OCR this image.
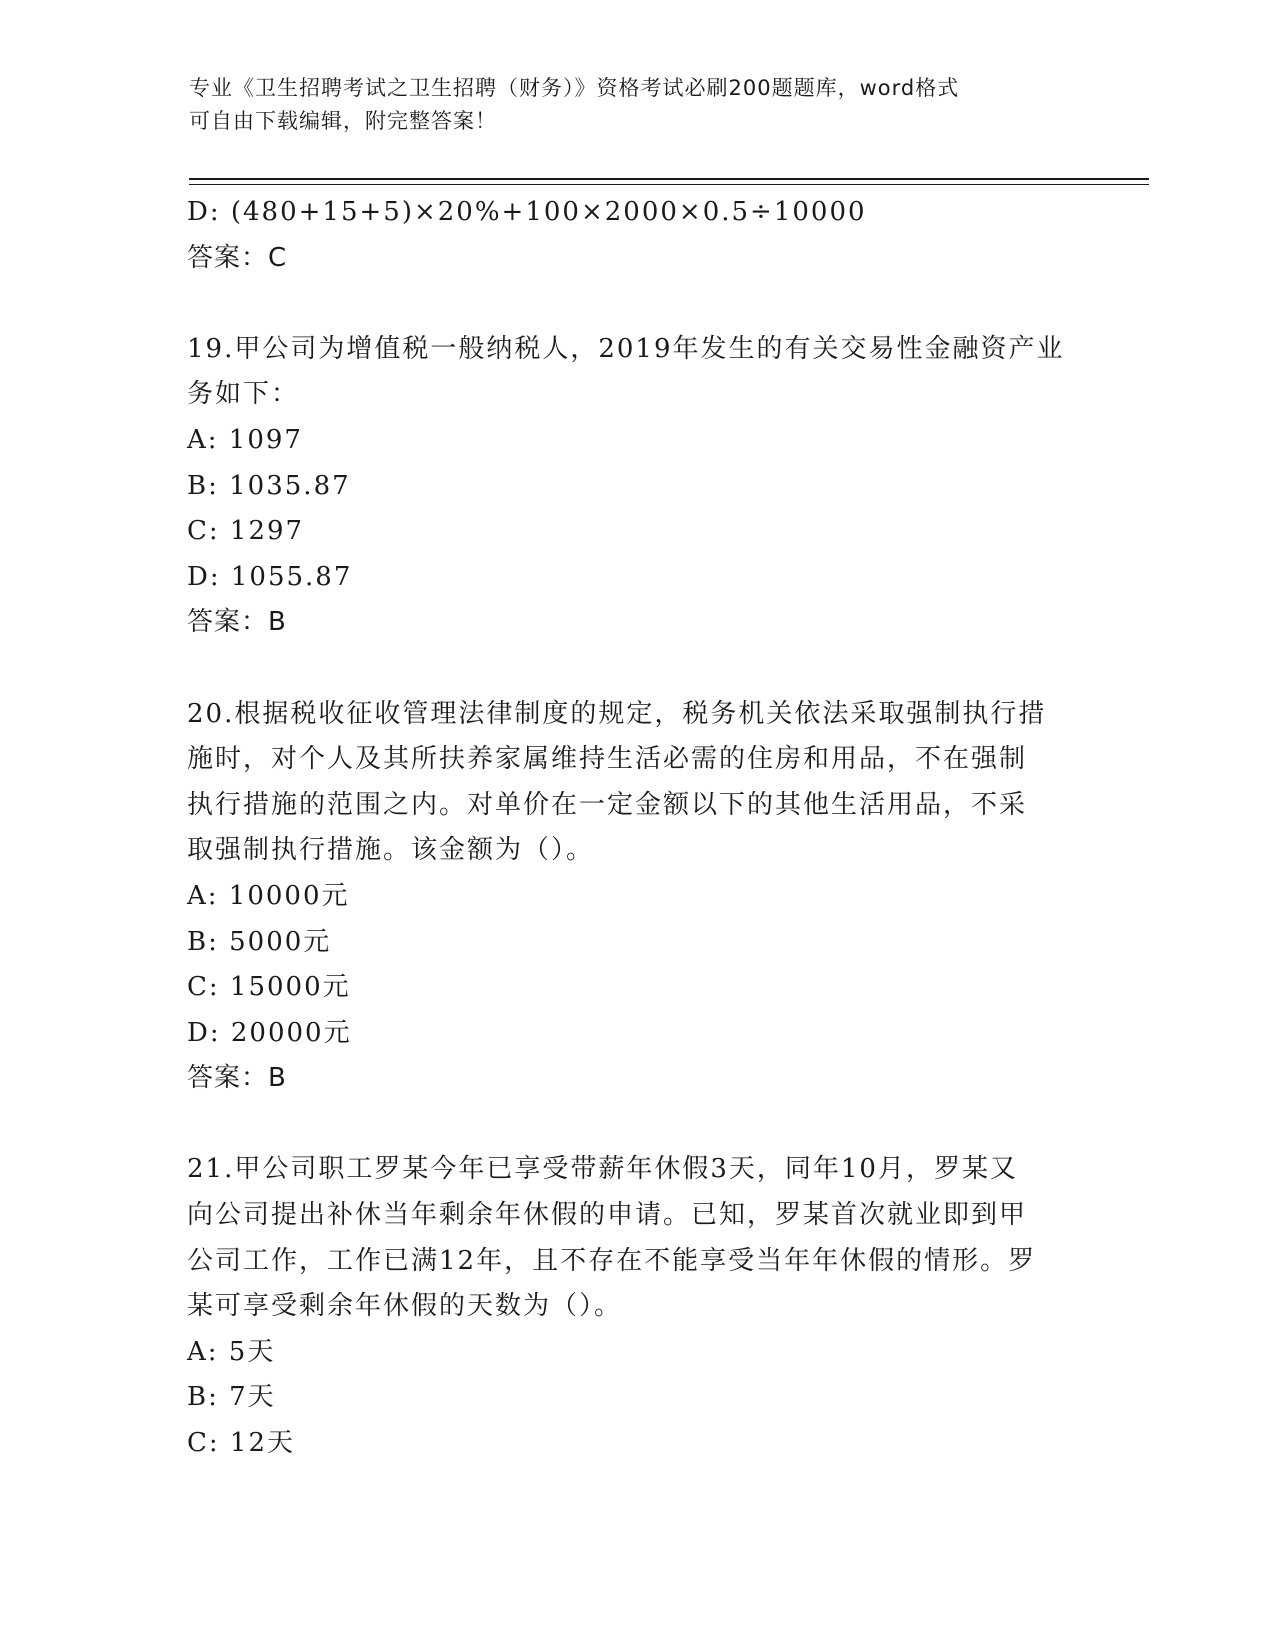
专业《卫生招聘考试之卫生招聘（财务）》资格考试必刷200题题库，word格式
可自由下载编辑，附完整答案！
D: (480+15+5)×20%+100×2000×0.5÷10000
答案：C
19.甲公司为增值税一般纳税人，2019年发生的有关交易性金融资产业
务如下：
A: 1097
B: 1035.87
C: 1297
D: 1055.87
答案：B
20.根据税收征收管理法律制度的规定，税务机关依法采取强制执行措
施时，对个人及其所扶养家属维持生活必需的住房和用品，不在强制
执行措施的范围之内。对单价在一定金额以下的其他生活用品，不采
取强制执行措施。该金额为（）。
A: 10000元
B: 5000元
C: 15000元
D: 20000元
答案：B
21.甲公司职工罗某今年已享受带薪年休假3天，同年10月，罗某又
向公司提出补休当年剩余年休假的申请。已知，罗某首次就业即到甲
公司工作，工作已满12年，且不存在不能享受当年年休假的情形。罗
某可享受剩余年休假的天数为（）。
A: 5天
B: 7天
C: 12天
